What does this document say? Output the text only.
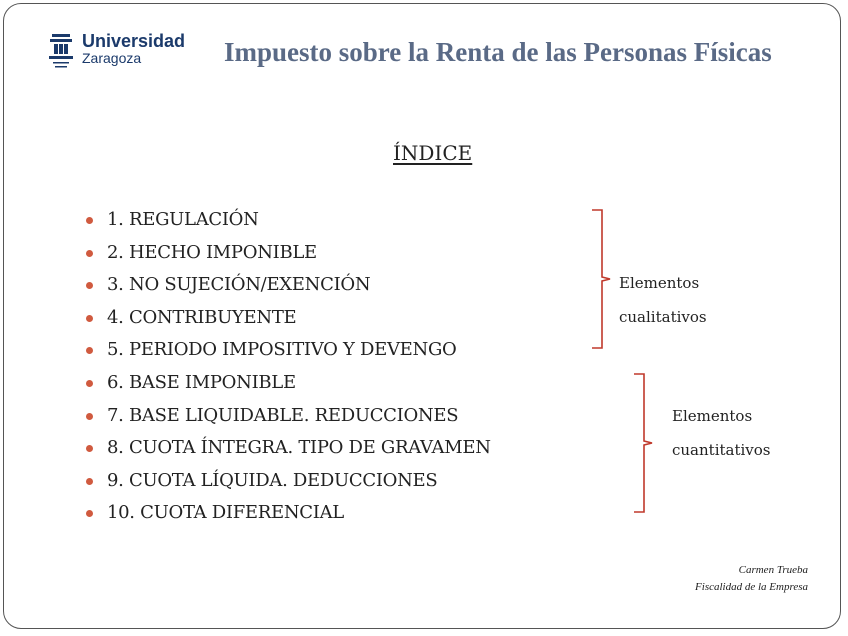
Universidad
Zaragoza	Impuesto sobre la Renta de las Personas Físicas
ÍNDICE
1. REGULACIÓN
2. HECHO IMPONIBLE
3. NO SUJECIÓN/EXENCIÓN
4. CONTRIBUYENTE
5. PERIODO IMPOSITIVO Y DEVENGO
6. BASE IMPONIBLE
7. BASE LIQUIDABLE. REDUCCIONES
8. CUOTA ÍNTEGRA. TIPO DE GRAVAMEN
9. CUOTA LÍQUIDA. DEDUCCIONES
10. CUOTA DIFERENCIAL
Elementos
cualitativos
Elementos
cuantitativos
Carmen Trueba
Fiscalidad de la Empresa
